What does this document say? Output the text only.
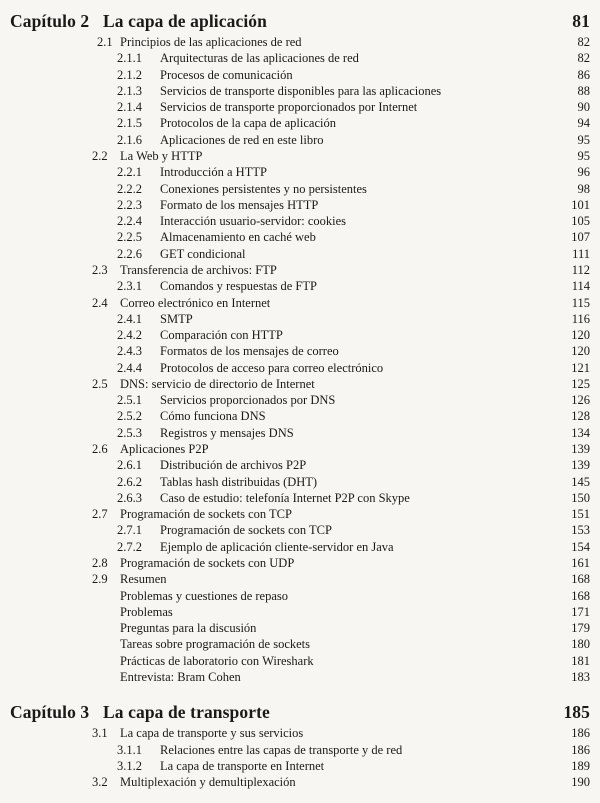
Capítulo 2 La capa de aplicación	81
2.1 Principios de las aplicaciones de red	82
2.1.1	Arquitecturas de las aplicaciones de red	82
2.1.2	Procesos de comunicación	86
2.1.3	Servicios de transporte disponibles para las aplicaciones	88
2.1.4	Servicios de transporte proporcionados por Internet	90
2.1.5	Protocolos de la capa de aplicación	94
2.1.6	Aplicaciones de red en este libro	95
2.2 La Web y HTTP	95
2.2.1	Introducción a HTTP	96
2.2.2	Conexiones persistentes y no persistentes	98
2.2.3	Formato de los mensajes HTTP	101
2.2.4	Interacción usuario-servidor: cookies	105
2.2.5	Almacenamiento en caché web	107
2.2.6	GET condicional	111
2.3 Transferencia de archivos: FTP	112
2.3.1	Comandos y respuestas de FTP	114
2.4 Correo electrónico en Internet	115
2.4.1	SMTP	116
2.4.2	Comparación con HTTP	120
2.4.3	Formatos de los mensajes de correo	120
2.4.4	Protocolos de acceso para correo electrónico	121
2.5 DNS: servicio de directorio de Internet	125
2.5.1	Servicios proporcionados por DNS	126
2.5.2	Cómo funciona DNS	128
2.5.3	Registros y mensajes DNS	134
2.6 Aplicaciones P2P	139
2.6.1	Distribución de archivos P2P	139
2.6.2	Tablas hash distribuidas (DHT)	145
2.6.3	Caso de estudio: telefonía Internet P2P con Skype	150
2.7 Programación de sockets con TCP	151
2.7.1	Programación de sockets con TCP	153
2.7.2	Ejemplo de aplicación cliente-servidor en Java	154
2.8 Programación de sockets con UDP	161
2.9 Resumen	168
Problemas y cuestiones de repaso	168
Problemas	171
Preguntas para la discusión	179
Tareas sobre programación de sockets	180
Prácticas de laboratorio con Wireshark	181
Entrevista: Bram Cohen	183
Capítulo 3 La capa de transporte	185
3.1 La capa de transporte y sus servicios	186
3.1.1	Relaciones entre las capas de transporte y de red	186
3.1.2	La capa de transporte en Internet	189
3.2 Multiplexación y demultiplexación	190
